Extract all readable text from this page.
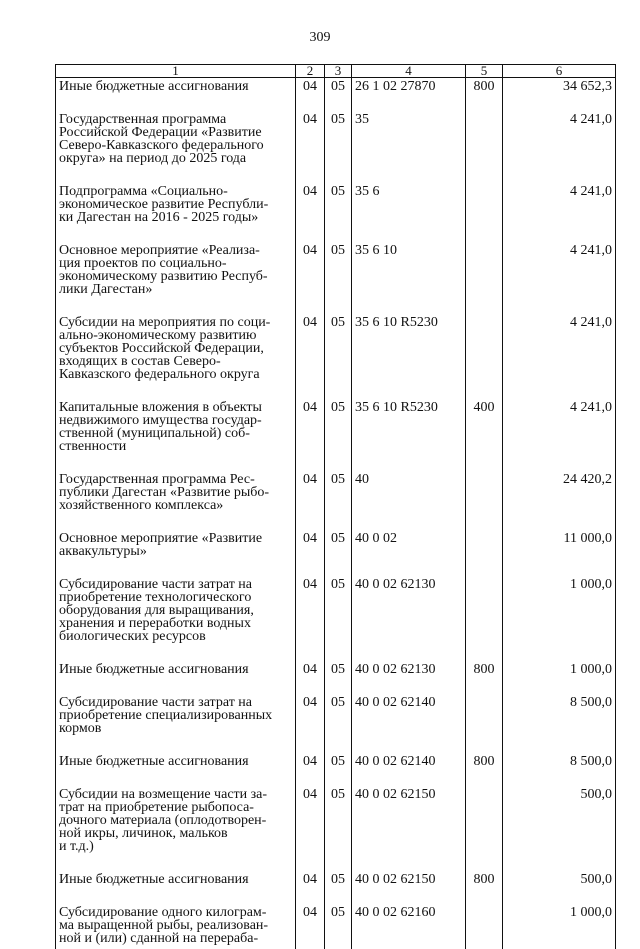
309
1	2	3	4	5	6
Иные бюджетные ассигнования	04	05	26 1 02 27870	800	34 652,3
Государственная программа
Российской Федерации «Развитие
Северо-Кавказского федерального
округа» на период до 2025 года	04	05	35		4 241,0
Подпрограмма «Социально-
экономическое развитие Республи-
ки Дагестан на 2016 - 2025 годы»	04	05	35 6		4 241,0
Основное мероприятие «Реализа-
ция проектов по социально-
экономическому развитию Респуб-
лики Дагестан»	04	05	35 6 10		4 241,0
Субсидии на мероприятия по соци-
ально-экономическому развитию
субъектов Российской Федерации,
входящих в состав Северо-
Кавказского федерального округа	04	05	35 6 10 R5230		4 241,0
Капитальные вложения в объекты
недвижимого имущества государ-
ственной (муниципальной) соб-
ственности	04	05	35 6 10 R5230	400	4 241,0
Государственная программа Рес-
публики Дагестан «Развитие рыбо-
хозяйственного комплекса»	04	05	40		24 420,2
Основное мероприятие «Развитие
аквакультуры»	04	05	40 0 02		11 000,0
Субсидирование части затрат на
приобретение технологического
оборудования для выращивания,
хранения и переработки водных
биологических ресурсов	04	05	40 0 02 62130		1 000,0
Иные бюджетные ассигнования	04	05	40 0 02 62130	800	1 000,0
Субсидирование части затрат на
приобретение специализированных
кормов	04	05	40 0 02 62140		8 500,0
Иные бюджетные ассигнования	04	05	40 0 02 62140	800	8 500,0
Субсидии на возмещение части за-
трат на приобретение рыбопоса-
дочного материала (оплодотворен-
ной икры, личинок, мальков
и т.д.)	04	05	40 0 02 62150		500,0
Иные бюджетные ассигнования	04	05	40 0 02 62150	800	500,0
Субсидирование одного килограм-
ма выращенной рыбы, реализован-
ной и (или) сданной на перераба-	04	05	40 0 02 62160		1 000,0
